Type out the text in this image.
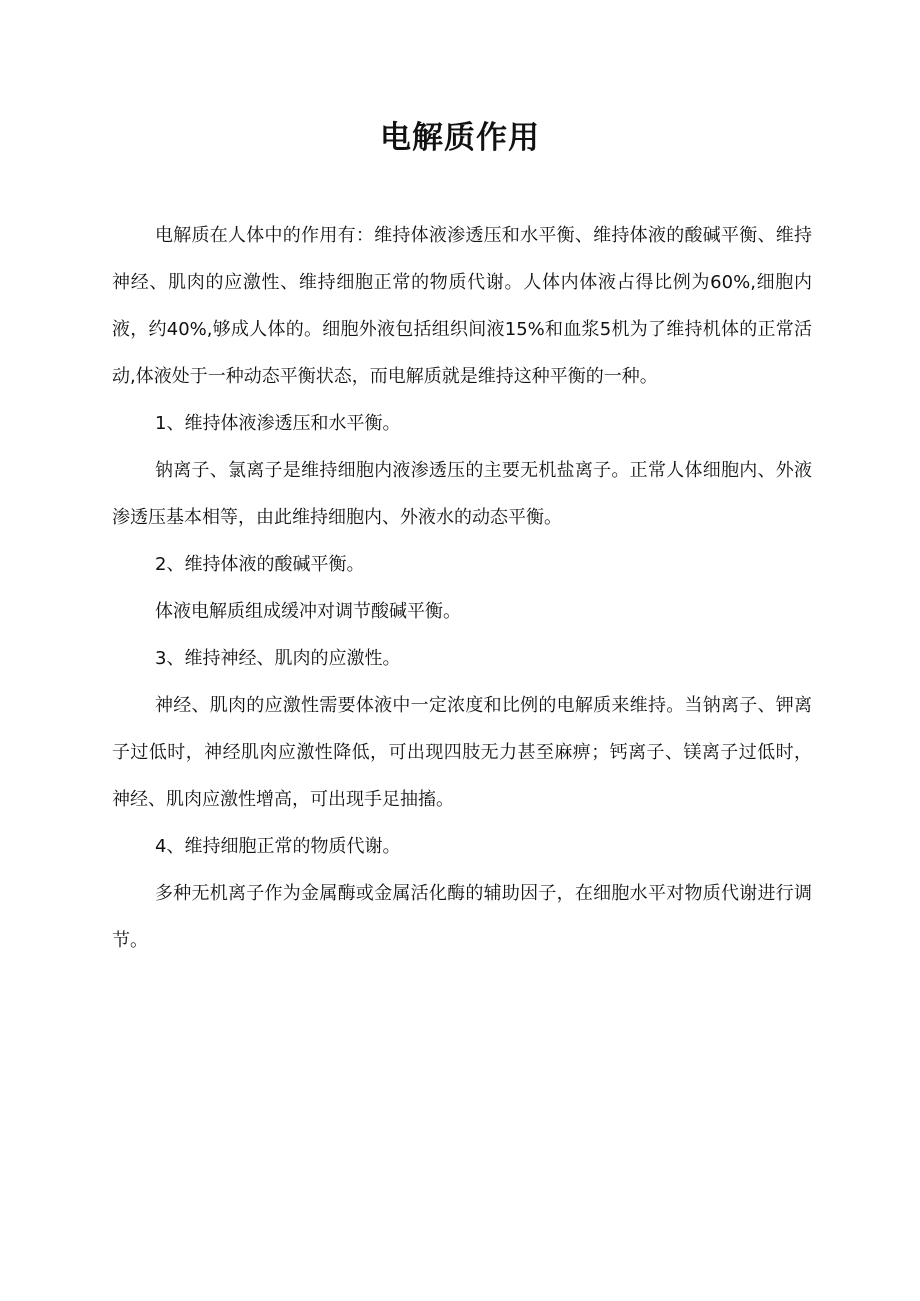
电解质作用

电解质在人体中的作用有：维持体液渗透压和水平衡、维持体液的酸碱平衡、维持神经、肌肉的应激性、维持细胞正常的物质代谢。人体内体液占得比例为60%,细胞内液，约40%,够成人体的。细胞外液包括组织间液15%和血浆5机为了维持机体的正常活动,体液处于一种动态平衡状态，而电解质就是维持这种平衡的一种。

1、维持体液渗透压和水平衡。

钠离子、氯离子是维持细胞内液渗透压的主要无机盐离子。正常人体细胞内、外液渗透压基本相等，由此维持细胞内、外液水的动态平衡。

2、维持体液的酸碱平衡。

体液电解质组成缓冲对调节酸碱平衡。

3、维持神经、肌肉的应激性。

神经、肌肉的应激性需要体液中一定浓度和比例的电解质来维持。当钠离子、钾离子过低时，神经肌肉应激性降低，可出现四肢无力甚至麻痹；钙离子、镁离子过低时，神经、肌肉应激性增高，可出现手足抽搐。

4、维持细胞正常的物质代谢。

多种无机离子作为金属酶或金属活化酶的辅助因子，在细胞水平对物质代谢进行调节。
